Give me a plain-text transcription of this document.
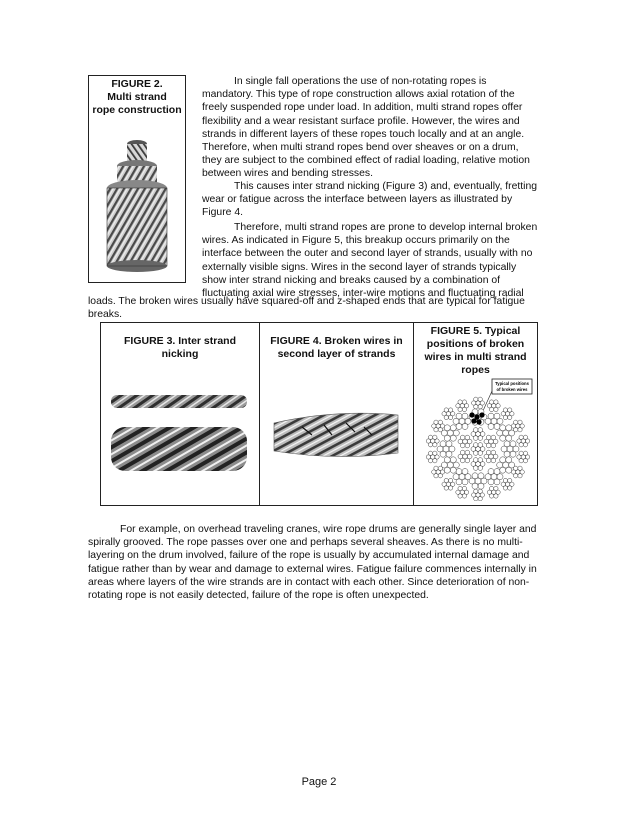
FIGURE 2.
Multi strand
rope construction

In single fall operations the use of non-rotating ropes is mandatory. This type of rope construction allows axial rotation of the freely suspended rope under load. In addition, multi strand ropes offer flexibility and a wear resistant surface profile. However, the wires and strands in different layers of these ropes touch locally and at an angle. Therefore, when multi strand ropes bend over sheaves or on a drum, they are subject to the combined effect of radial loading, relative motion between wires and bending stresses.

This causes inter strand nicking (Figure 3) and, eventually, fretting wear or fatigue across the interface between layers as illustrated by Figure 4.

Therefore, multi strand ropes are prone to develop internal broken wires. As indicated in Figure 5, this breakup occurs primarily on the interface between the outer and second layer of strands, usually with no externally visible signs. Wires in the second layer of strands typically show inter strand nicking and breaks caused by a combination of fluctuating axial wire stresses, inter-wire motions and fluctuating radial

loads. The broken wires usually have squared-off and z-shaped ends that are typical for fatigue breaks.

FIGURE 3. Inter strand
nicking
FIGURE 4. Broken wires in
second layer of strands
FIGURE 5. Typical
positions of broken
wires in multi strand
ropes
Typical positions
of broken wires

For example, on overhead traveling cranes, wire rope drums are generally single layer and spirally grooved. The rope passes over one and perhaps several sheaves. As there is no multi-layering on the drum involved, failure of the rope is usually by accumulated internal damage and fatigue rather than by wear and damage to external wires. Fatigue failure commences internally in areas where layers of the wire strands are in contact with each other. Since deterioration of non-rotating rope is not easily detected, failure of the rope is often unexpected.

Page 2
